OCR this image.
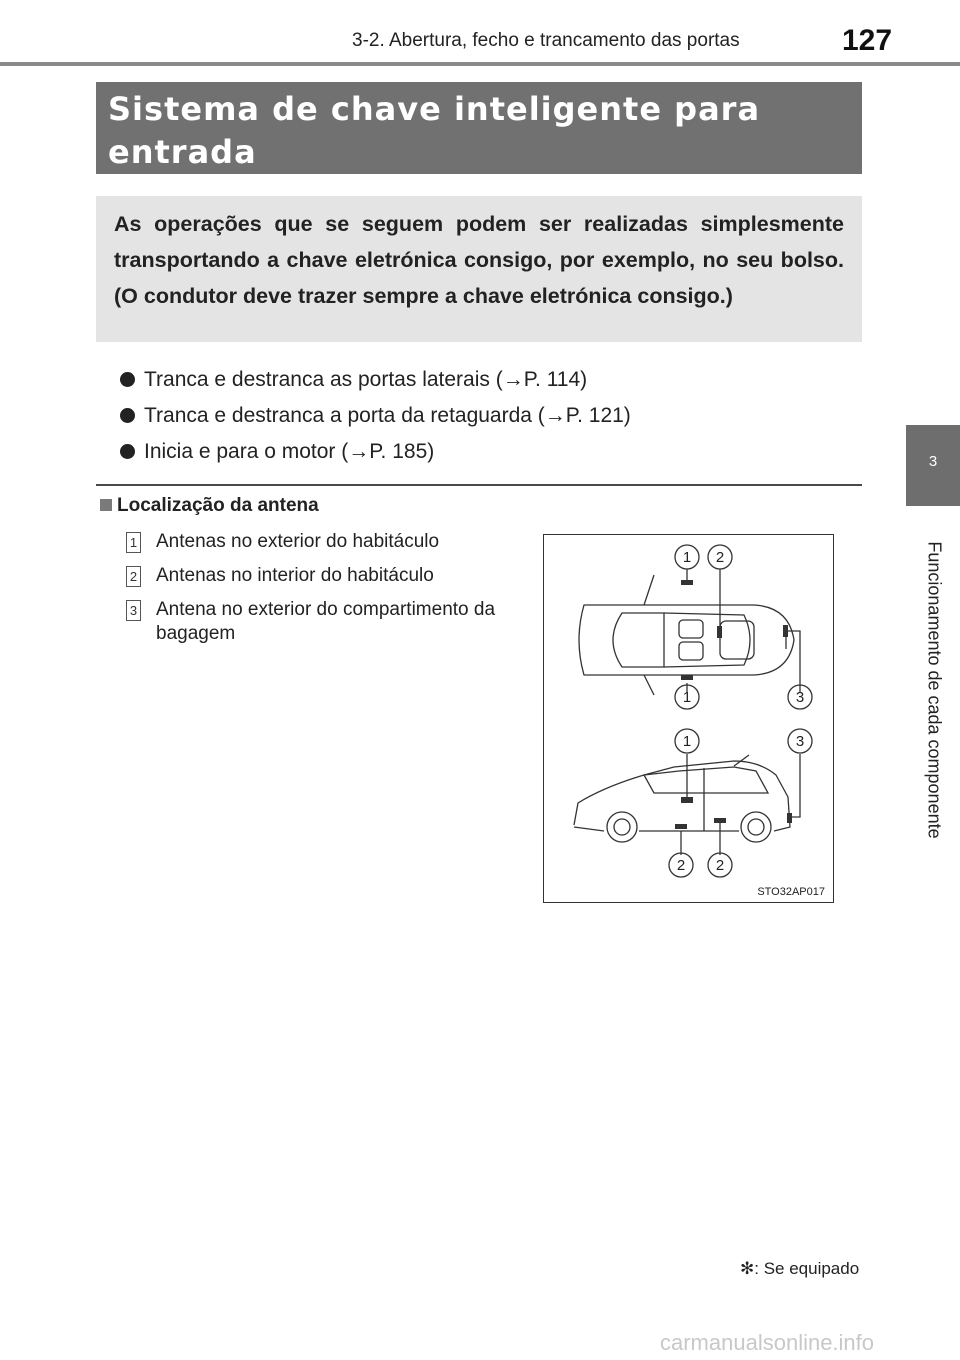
3-2. Abertura, fecho e trancamento das portas	127
3
Funcionamento de cada componente
Sistema de chave inteligente para entrada
As operações que se seguem podem ser realizadas simplesmente transportando a chave eletrónica consigo, por exemplo, no seu bolso. (O condutor deve trazer sempre a chave eletrónica consigo.)
Tranca e destranca as portas laterais (→P. 114)
Tranca e destranca a porta da retaguarda (→P. 121)
Inicia e para o motor (→P. 185)
Localização da antena
1 Antenas no exterior do habitáculo
2 Antenas no interior do habitáculo
3 Antena no exterior do compartimento da bagagem
1 2
1	3
1	3
2 2
STO32AP017
✻: Se equipado
carmanualsonline.info
